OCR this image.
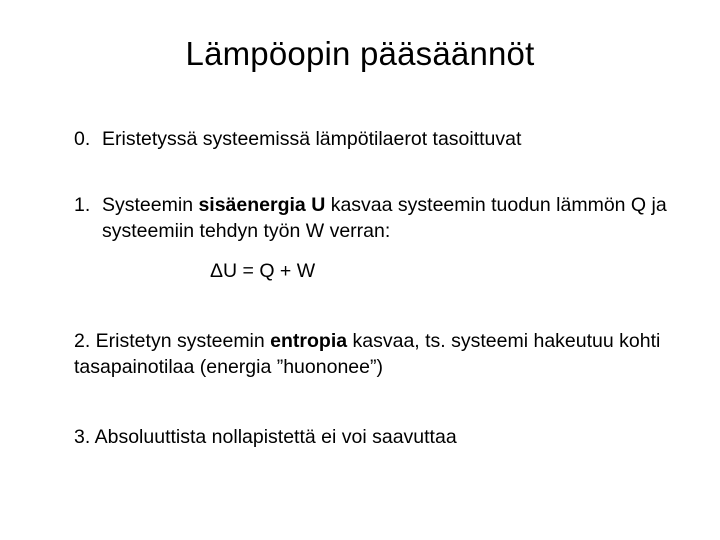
Lämpöopin pääsäännöt
0. Eristetyssä systeemissä lämpötilaerot tasoittuvat
1. Systeemin sisäenergia U kasvaa systeemin tuodun lämmön Q ja systeemiin tehdyn työn W verran:
ΔU = Q + W
2. Eristetyn systeemin entropia kasvaa, ts. systeemi hakeutuu kohti tasapainotilaa (energia ”huononee”)
3. Absoluuttista nollapistettä ei voi saavuttaa
